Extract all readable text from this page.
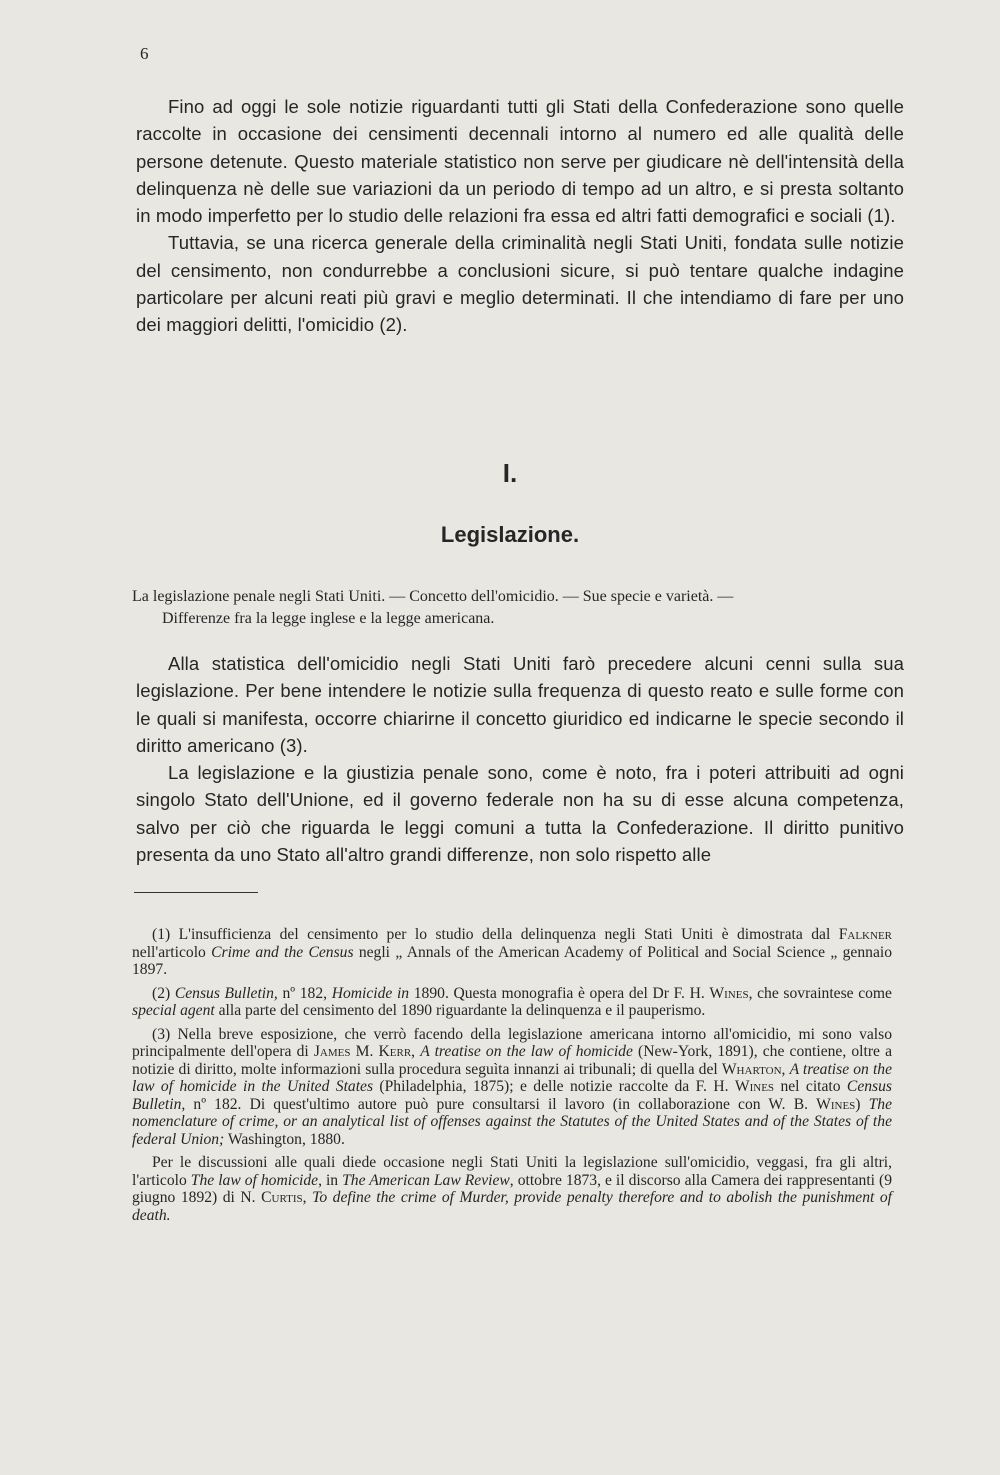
6

Fino ad oggi le sole notizie riguardanti tutti gli Stati della Confederazione sono quelle raccolte in occasione dei censimenti decennali intorno al numero ed alle qualità delle persone detenute. Questo materiale statistico non serve per giudicare nè dell'intensità della delinquenza nè delle sue variazioni da un periodo di tempo ad un altro, e si presta soltanto in modo imperfetto per lo studio delle relazioni fra essa ed altri fatti demografici e sociali (1).

Tuttavia, se una ricerca generale della criminalità negli Stati Uniti, fondata sulle notizie del censimento, non condurrebbe a conclusioni sicure, si può tentare qualche indagine particolare per alcuni reati più gravi e meglio determinati. Il che intendiamo di fare per uno dei maggiori delitti, l'omicidio (2).

I.
Legislazione.
La legislazione penale negli Stati Uniti. — Concetto dell'omicidio. — Sue specie e varietà. —
Differenze fra la legge inglese e la legge americana.

Alla statistica dell'omicidio negli Stati Uniti farò precedere alcuni cenni sulla sua legislazione. Per bene intendere le notizie sulla frequenza di questo reato e sulle forme con le quali si manifesta, occorre chiarirne il concetto giuridico ed indicarne le specie secondo il diritto americano (3).

La legislazione e la giustizia penale sono, come è noto, fra i poteri attribuiti ad ogni singolo Stato dell'Unione, ed il governo federale non ha su di esse alcuna competenza, salvo per ciò che riguarda le leggi comuni a tutta la Confederazione. Il diritto punitivo presenta da uno Stato all'altro grandi differenze, non solo rispetto alle

(1) L'insufficienza del censimento per lo studio della delinquenza negli Stati Uniti è dimostrata dal Falkner nell'articolo Crime and the Census negli „ Annals of the American Academy of Political and Social Science „ gennaio 1897.

(2) Census Bulletin, nº 182, Homicide in 1890. Questa monografia è opera del Dr F. H. Wines, che sovraintese come special agent alla parte del censimento del 1890 riguardante la delinquenza e il pauperismo.

(3) Nella breve esposizione, che verrò facendo della legislazione americana intorno all'omicidio, mi sono valso principalmente dell'opera di James M. Kerr, A treatise on the law of homicide (New-York, 1891), che contiene, oltre a notizie di diritto, molte informazioni sulla procedura seguìta innanzi ai tribunali; di quella del Wharton, A treatise on the law of homicide in the United States (Philadelphia, 1875); e delle notizie raccolte da F. H. Wines nel citato Census Bulletin, nº 182. Di quest'ultimo autore può pure consultarsi il lavoro (in collaborazione con W. B. Wines) The nomenclature of crime, or an analytical list of offenses against the Statutes of the United States and of the States of the federal Union; Washington, 1880.

Per le discussioni alle quali diede occasione negli Stati Uniti la legislazione sull'omicidio, veggasi, fra gli altri, l'articolo The law of homicide, in The American Law Review, ottobre 1873, e il discorso alla Camera dei rappresentanti (9 giugno 1892) di N. Curtis, To define the crime of Murder, provide penalty therefore and to abolish the punishment of death.
